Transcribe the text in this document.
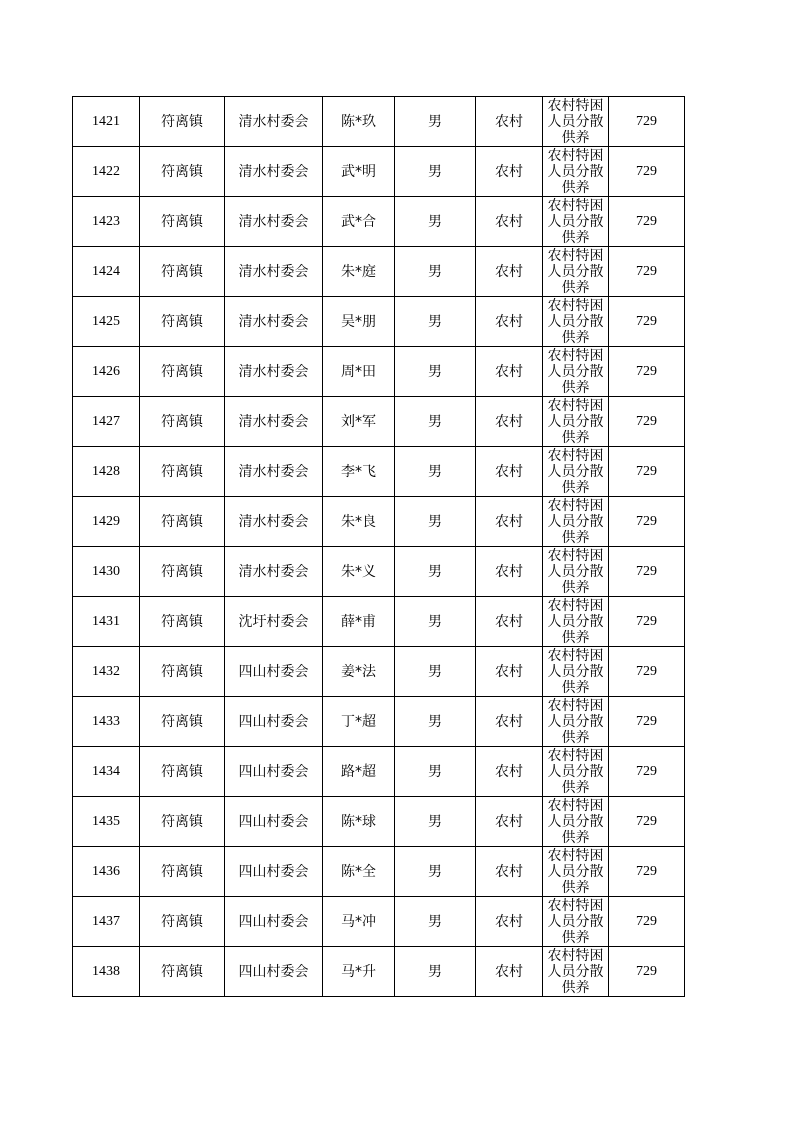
1421	符离镇	清水村委会	陈*玖	男	农村	农村特困人员分散供养	729
1422	符离镇	清水村委会	武*明	男	农村	农村特困人员分散供养	729
1423	符离镇	清水村委会	武*合	男	农村	农村特困人员分散供养	729
1424	符离镇	清水村委会	朱*庭	男	农村	农村特困人员分散供养	729
1425	符离镇	清水村委会	吴*朋	男	农村	农村特困人员分散供养	729
1426	符离镇	清水村委会	周*田	男	农村	农村特困人员分散供养	729
1427	符离镇	清水村委会	刘*军	男	农村	农村特困人员分散供养	729
1428	符离镇	清水村委会	李*飞	男	农村	农村特困人员分散供养	729
1429	符离镇	清水村委会	朱*良	男	农村	农村特困人员分散供养	729
1430	符离镇	清水村委会	朱*义	男	农村	农村特困人员分散供养	729
1431	符离镇	沈圩村委会	薛*甫	男	农村	农村特困人员分散供养	729
1432	符离镇	四山村委会	姜*法	男	农村	农村特困人员分散供养	729
1433	符离镇	四山村委会	丁*超	男	农村	农村特困人员分散供养	729
1434	符离镇	四山村委会	路*超	男	农村	农村特困人员分散供养	729
1435	符离镇	四山村委会	陈*球	男	农村	农村特困人员分散供养	729
1436	符离镇	四山村委会	陈*全	男	农村	农村特困人员分散供养	729
1437	符离镇	四山村委会	马*冲	男	农村	农村特困人员分散供养	729
1438	符离镇	四山村委会	马*升	男	农村	农村特困人员分散供养	729
